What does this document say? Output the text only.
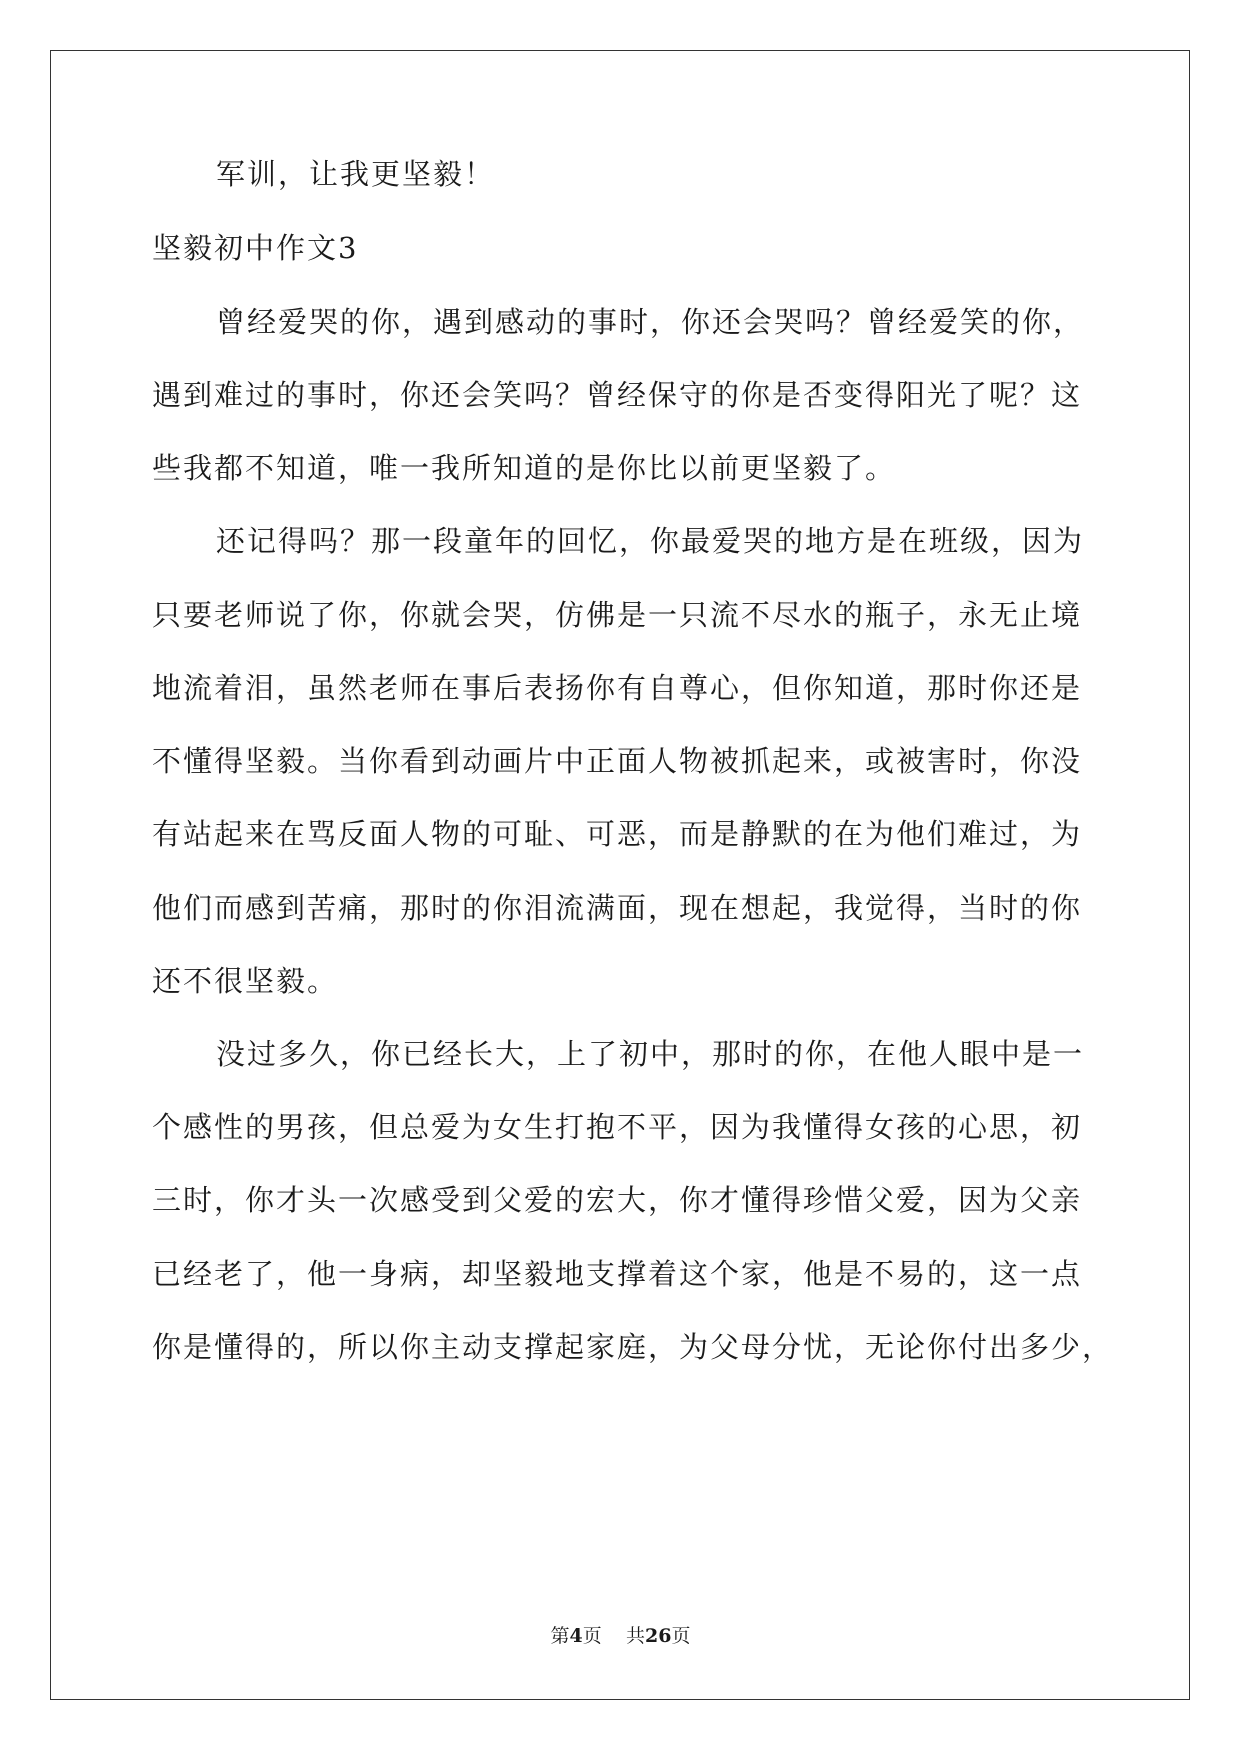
军训，让我更坚毅！
坚毅初中作文3
曾经爱哭的你，遇到感动的事时，你还会哭吗？曾经爱笑的你，
遇到难过的事时，你还会笑吗？曾经保守的你是否变得阳光了呢？这
些我都不知道，唯一我所知道的是你比以前更坚毅了。
还记得吗？那一段童年的回忆，你最爱哭的地方是在班级，因为
只要老师说了你，你就会哭，仿佛是一只流不尽水的瓶子，永无止境
地流着泪，虽然老师在事后表扬你有自尊心，但你知道，那时你还是
不懂得坚毅。当你看到动画片中正面人物被抓起来，或被害时，你没
有站起来在骂反面人物的可耻、可恶，而是静默的在为他们难过，为
他们而感到苦痛，那时的你泪流满面，现在想起，我觉得，当时的你
还不很坚毅。
没过多久，你已经长大，上了初中，那时的你，在他人眼中是一
个感性的男孩，但总爱为女生打抱不平，因为我懂得女孩的心思，初
三时，你才头一次感受到父爱的宏大，你才懂得珍惜父爱，因为父亲
已经老了，他一身病，却坚毅地支撑着这个家，他是不易的，这一点
你是懂得的，所以你主动支撑起家庭，为父母分忧，无论你付出多少，
第4页 共26页
